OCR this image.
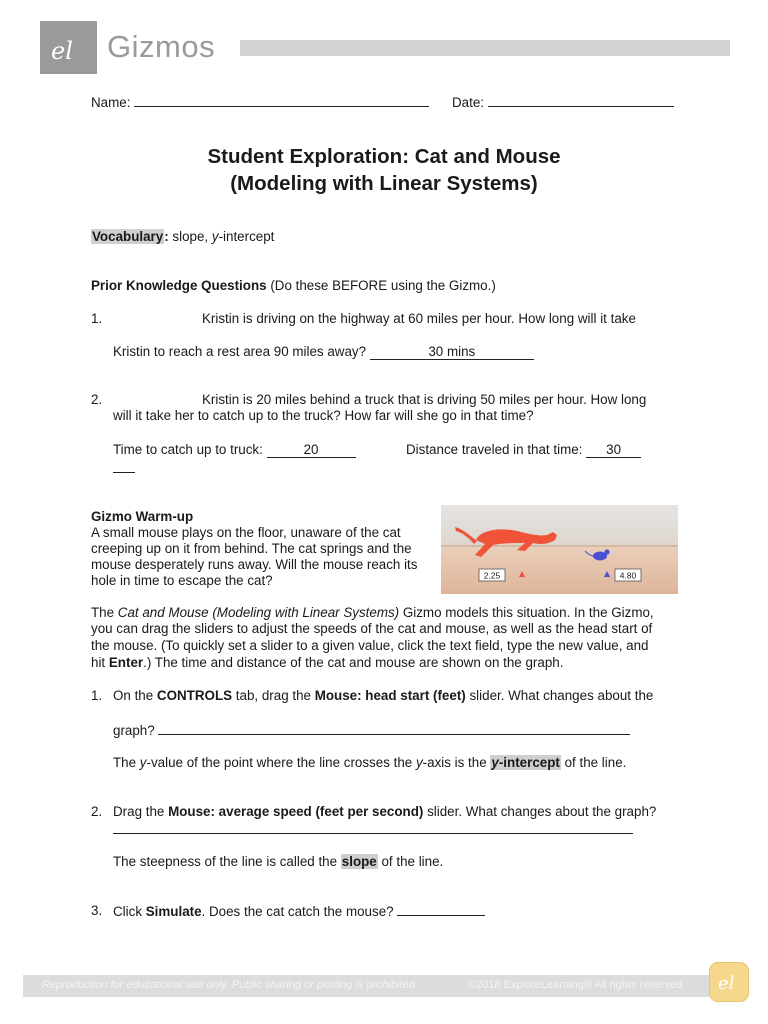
el Gizmos
Name:	Date:
Student Exploration: Cat and Mouse
(Modeling with Linear Systems)
Vocabulary: slope, y-intercept
Prior Knowledge Questions (Do these BEFORE using the Gizmo.)
1.	Kristin is driving on the highway at 60 miles per hour. How long will it take
Kristin to reach a rest area 90 miles away?	30 mins
2.	Kristin is 20 miles behind a truck that is driving 50 miles per hour. How long
will it take her to catch up to the truck? How far will she go in that time?
Time to catch up to truck:	20	Distance traveled in that time: 30
Gizmo Warm-up
A small mouse plays on the floor, unaware of the cat
creeping up on it from behind. The cat springs and the
mouse desperately runs away. Will the mouse reach its
hole in time to escape the cat?	2.25	4.80
The Cat and Mouse (Modeling with Linear Systems) Gizmo models this situation. In the Gizmo,
you can drag the sliders to adjust the speeds of the cat and mouse, as well as the head start of
the mouse. (To quickly set a slider to a given value, click the text field, type the new value, and
hit Enter.) The time and distance of the cat and mouse are shown on the graph.
1. On the CONTROLS tab, drag the Mouse: head start (feet) slider. What changes about the
graph?
The y-value of the point where the line crosses the y-axis is the y-intercept of the line.
2. Drag the Mouse: average speed (feet per second) slider. What changes about the graph?
The steepness of the line is called the slope of the line.
3. Click Simulate. Does the cat catch the mouse?
Reproduction for educational use only. Public sharing or posting is prohibited.	©2018 ExploreLearning® All rights reserved el
